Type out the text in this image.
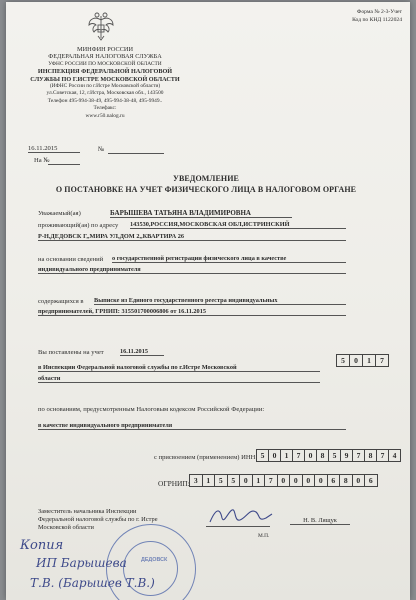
МИНФИН РОССИИ
ФЕДЕРАЛЬНАЯ НАЛОГОВАЯ СЛУЖБА
УФНС РОССИИ ПО МОСКОВСКОЙ ОБЛАСТИ
ИНСПЕКЦИЯ ФЕДЕРАЛЬНОЙ НАЛОГОВОЙ
СЛУЖБЫ ПО Г.ИСТРЕ МОСКОВСКОЙ ОБЛАСТИ
(ИФНС России по г.Истре Московской области)
ул.Советская, 12, г.Истра, Московская обл., 143500
Телефон 495-994-38-49, 495-994-38-48, 495-9949..
Телефакс:
www.r50.nalog.ru
Форма № 2-3-Учет
Код по КНД 1122024
16.11.2015	№
На №
УВЕДОМЛЕНИЕ
О ПОСТАНОВКЕ НА УЧЕТ ФИЗИЧЕСКОГО ЛИЦА В НАЛОГОВОМ ОРГАНЕ
Уважаемый(ая)	БАРЫШЕВА ТАТЬЯНА ВЛАДИМИРОВНА
проживающий(ая) по адресу 143530,РОССИЯ,МОСКОВСКАЯ ОБЛ,ИСТРИНСКИЙ
Р-Н,ДЕДОВСК Г,,МИРА УЛ,ДОМ 2,,КВАРТИРА 26
на основании сведений о государственной регистрации физического лица в качестве
индивидуального предпринимателя
содержащихся в Выписке из Единого государственного реестра индивидуальных
предпринимателей, ГРНИП: 315501700006806 от 16.11.2015
Вы поставлены на учет	16.11.2015
в Инспекции Федеральной налоговой службы по г.Истре Московской
области
5	0	1	7
по основаниям, предусмотренным Налоговым кодексом Российской Федерации:
в качестве индивидуального предпринимателя
с присвоением (применением) ИНН: 5	0	1	7	0	8	5	9	7	8	7	4
ОГРНИП: 3	1	5	5	0	1	7	0	0	0	0	6	8	0	6
Заместитель начальника Инспекции
Федеральной налоговой службы по г. Истре
Московской области
М.П.
Н. В. Лящук
ДЕДОВСК
Копия
ИП Барышева
Т.В. (Барышев Т.В.)
